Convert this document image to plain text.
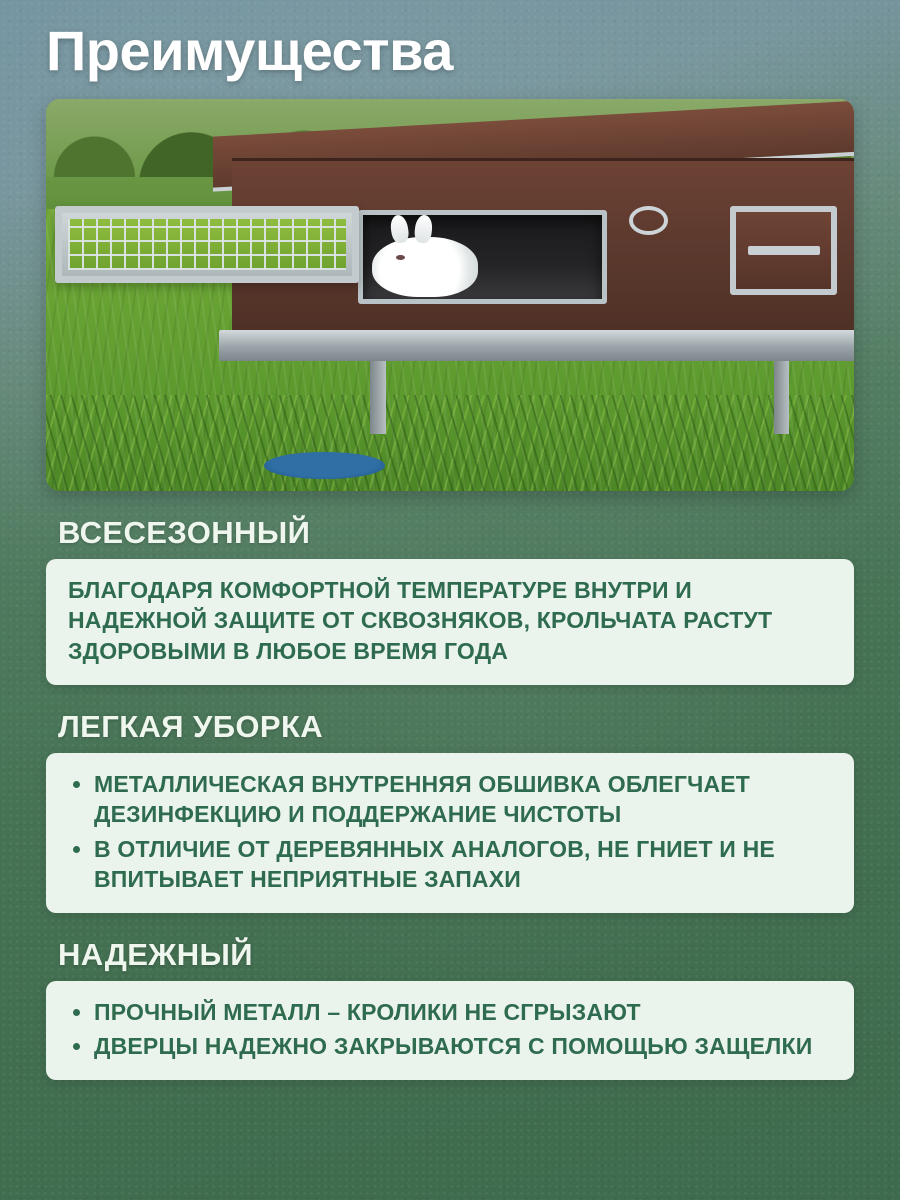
Преимущества
ВСЕСЕЗОННЫЙ

БЛАГОДАРЯ КОМФОРТНОЙ ТЕМПЕРАТУРЕ ВНУТРИ И НАДЕЖНОЙ ЗАЩИТЕ ОТ СКВОЗНЯКОВ, КРОЛЬЧАТА РАСТУТ ЗДОРОВЫМИ В ЛЮБОЕ ВРЕМЯ ГОДА

ЛЕГКАЯ УБОРКА
• МЕТАЛЛИЧЕСКАЯ ВНУТРЕННЯЯ ОБШИВКА ОБЛЕГЧАЕТ ДЕЗИНФЕКЦИЮ И ПОДДЕРЖАНИЕ ЧИСТОТЫ
• В ОТЛИЧИЕ ОТ ДЕРЕВЯННЫХ АНАЛОГОВ, НЕ ГНИЕТ И НЕ ВПИТЫВАЕТ НЕПРИЯТНЫЕ ЗАПАХИ
НАДЕЖНЫЙ
• ПРОЧНЫЙ МЕТАЛЛ – КРОЛИКИ НЕ СГРЫЗАЮТ
• ДВЕРЦЫ НАДЕЖНО ЗАКРЫВАЮТСЯ С ПОМОЩЬЮ ЗАЩЕЛКИ
